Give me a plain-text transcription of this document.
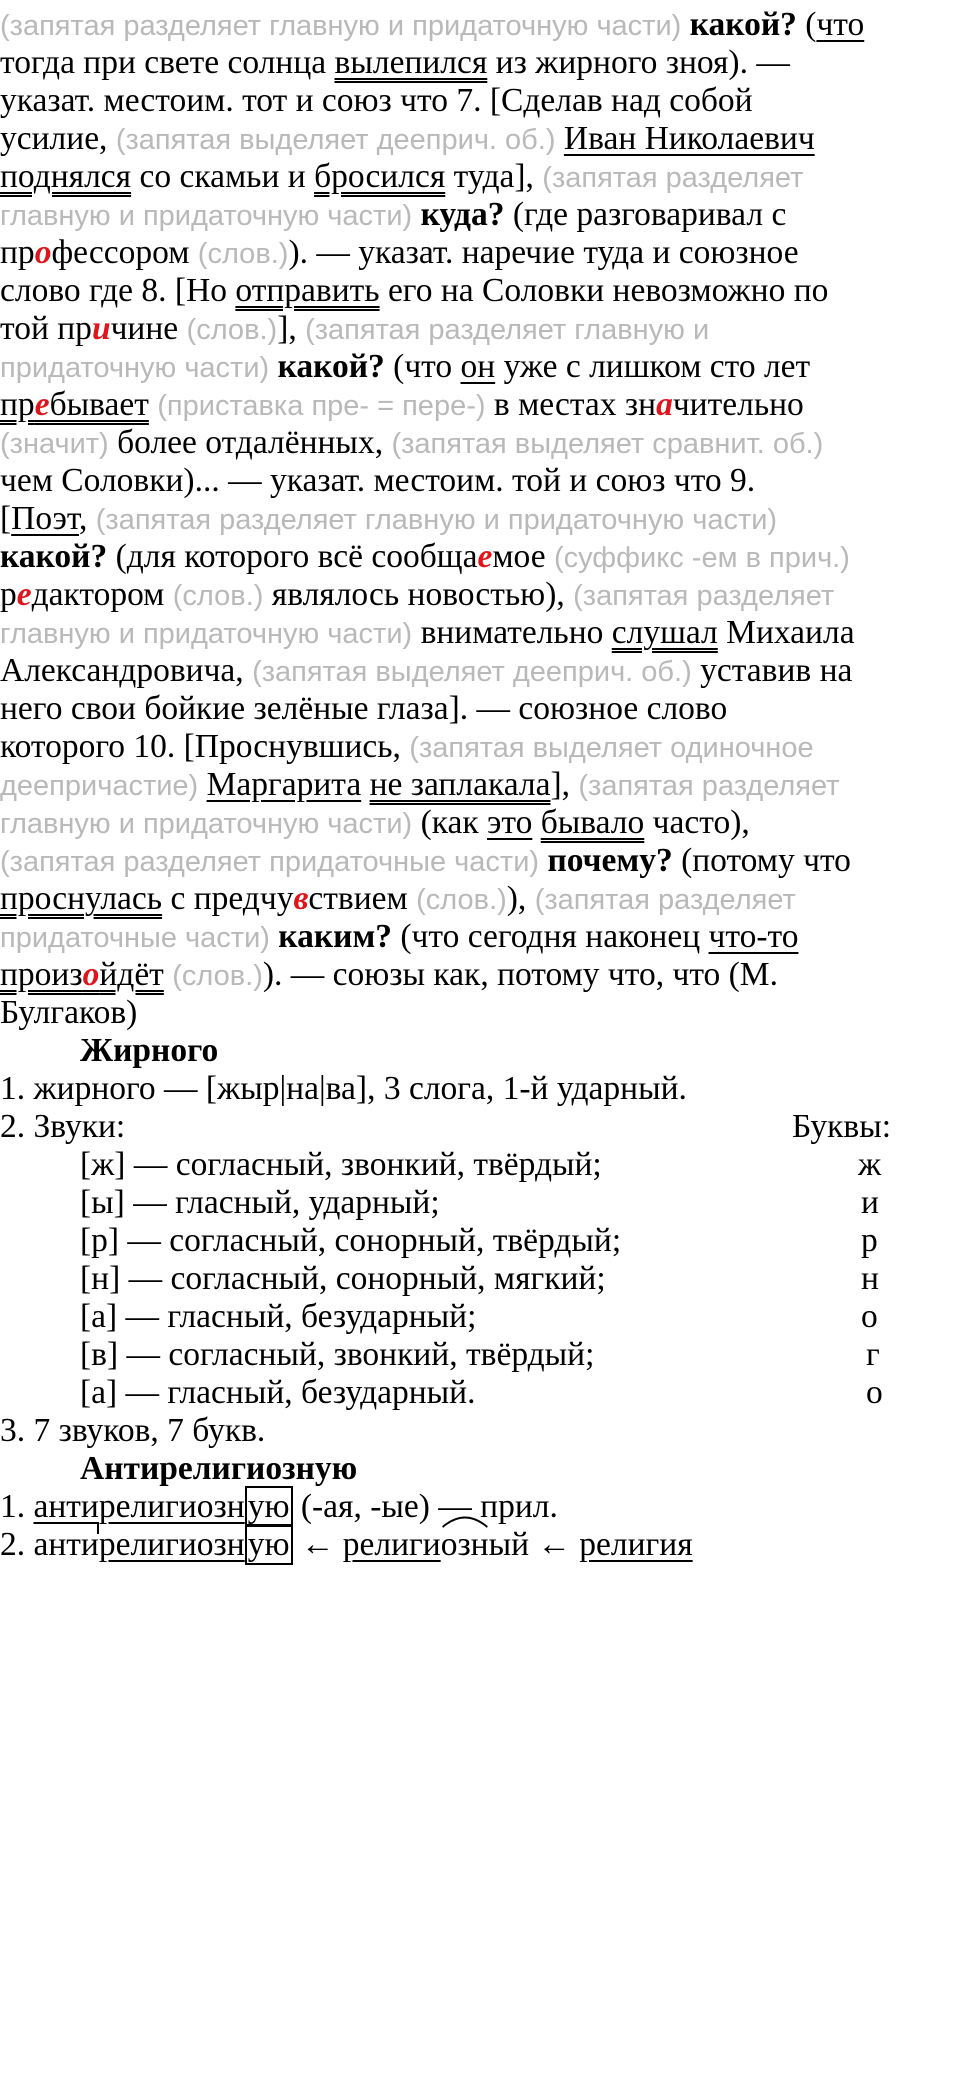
(запятая разделяет главную и придаточную части) какой? (что
тогда при свете солнца вылепился из жирного зноя). —
указат. местоим. тот и союз что 7. [Сделав над собой
усилие, (запятая выделяет дееприч. об.) Иван Николаевич
поднялся со скамьи и бросился туда], (запятая разделяет
главную и придаточную части) куда? (где разговаривал с
профессором (слов.)). — указат. наречие туда и союзное
слово где 8. [Но отправить его на Соловки невозможно по
той причине (слов.)], (запятая разделяет главную и
придаточную части) какой? (что он уже с лишком сто лет
пребывает (приставка пре- = пере-) в местах значительно
(значит) более отдалённых, (запятая выделяет сравнит. об.)
чем Соловки)... — указат. местоим. той и союз что 9.
[Поэт, (запятая разделяет главную и придаточную части)
какой? (для которого всё сообщаемое (суффикс -ем в прич.)
редактором (слов.) являлось новостью), (запятая разделяет
главную и придаточную части) внимательно слушал Михаила
Александровича, (запятая выделяет дееприч. об.) уставив на
него свои бойкие зелёные глаза]. — союзное слово
которого 10. [Проснувшись, (запятая выделяет одиночное
деепричастие) Маргарита не заплакала], (запятая разделяет
главную и придаточную части) (как это бывало часто),
(запятая разделяет придаточные части) почему? (потому что
проснулась с предчувствием (слов.)), (запятая разделяет
придаточные части) каким? (что сегодня наконец что-то
произойдёт (слов.)). — союзы как, потому что, что (М.
Булгаков)
Жирного
1. жирного — [жыр|на|ва], 3 слога, 1-й ударный.
2. Звуки:	Буквы:
[ж] — согласный, звонкий, твёрдый;	ж
[ы] — гласный, ударный;	и
[р] — согласный, сонорный, твёрдый;	р
[н] — согласный, сонорный, мягкий;	н
[а] — гласный, безударный;	о
[в] — согласный, звонкий, твёрдый;	г
[а] — гласный, безударный.	о
3. 7 звуков, 7 букв.
Антирелигиозную
1. антирелигиозную (-ая, -ые) — прил.
2. антирелигиозную ← религи
озный ← религия
